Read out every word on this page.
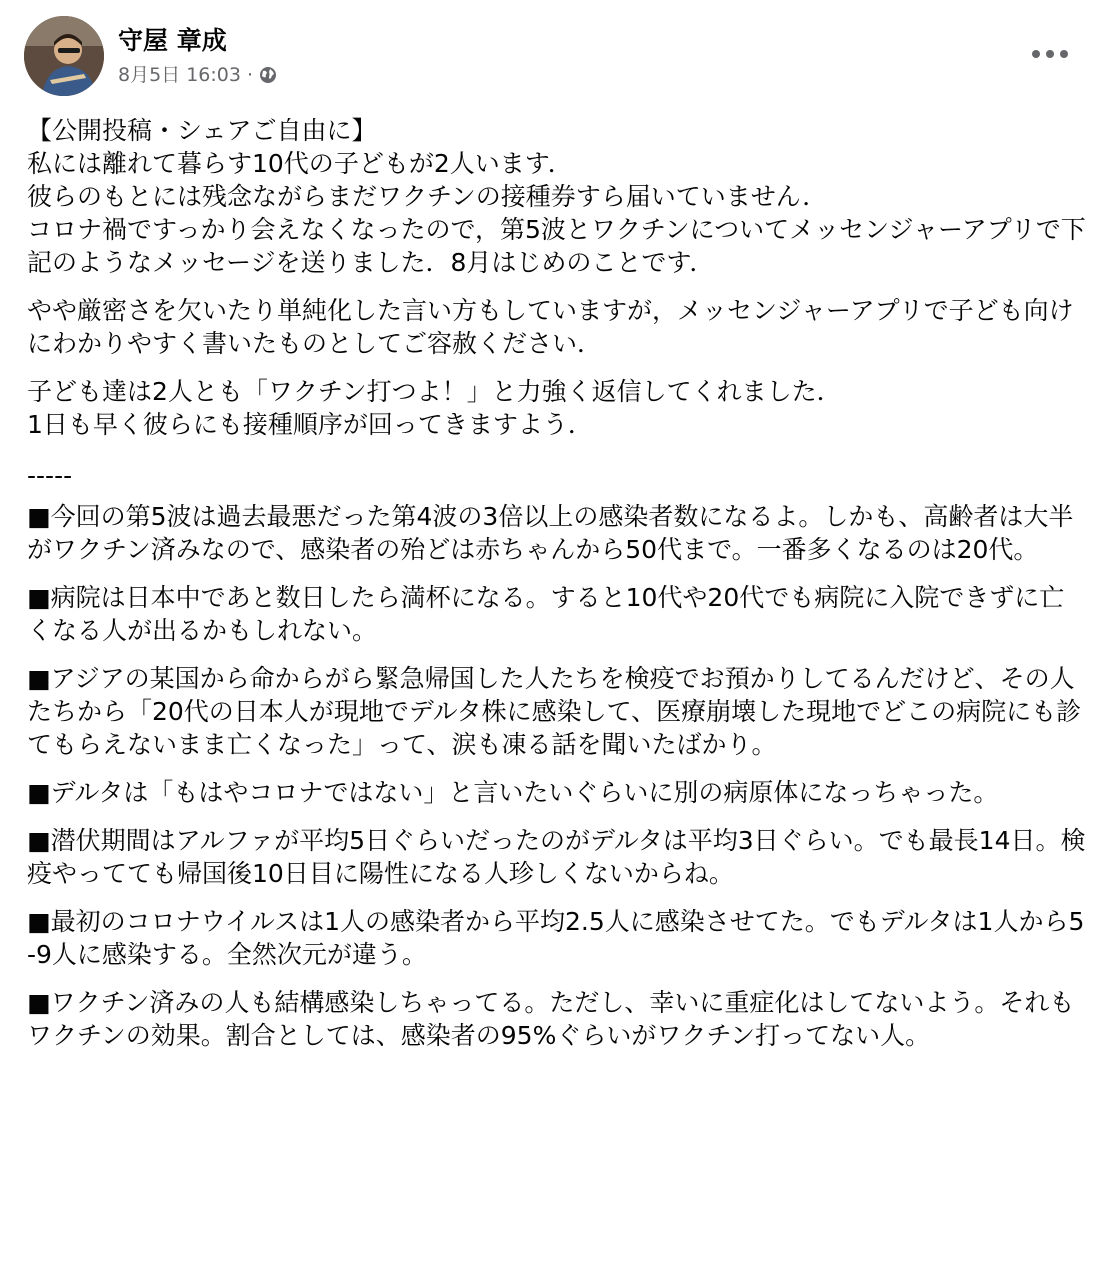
守屋 章成
8月5日 16:03 ·
【公開投稿・シェアご自由に】
私には離れて暮らす10代の子どもが2人います．
彼らのもとには残念ながらまだワクチンの接種券すら届いていません．
コロナ禍ですっかり会えなくなったので，第5波とワクチンについてメッセンジャーアプリで下記のようなメッセージを送りました．8月はじめのことです．
やや厳密さを欠いたり単純化した言い方もしていますが，メッセンジャーアプリで子ども向けにわかりやすく書いたものとしてご容赦ください．
子ども達は2人とも「ワクチン打つよ！」と力強く返信してくれました．
1日も早く彼らにも接種順序が回ってきますよう．
-----
■今回の第5波は過去最悪だった第4波の3倍以上の感染者数になるよ。しかも、高齢者は大半がワクチン済みなので、感染者の殆どは赤ちゃんから50代まで。一番多くなるのは20代。
■病院は日本中であと数日したら満杯になる。すると10代や20代でも病院に入院できずに亡くなる人が出るかもしれない。
■アジアの某国から命からがら緊急帰国した人たちを検疫でお預かりしてるんだけど、その人たちから「20代の日本人が現地でデルタ株に感染して、医療崩壊した現地でどこの病院にも診てもらえないまま亡くなった」って、涙も凍る話を聞いたばかり。
■デルタは「もはやコロナではない」と言いたいぐらいに別の病原体になっちゃった。
■潜伏期間はアルファが平均5日ぐらいだったのがデルタは平均3日ぐらい。でも最長14日。検疫やってても帰国後10日目に陽性になる人珍しくないからね。
■最初のコロナウイルスは1人の感染者から平均2.5人に感染させてた。でもデルタは1人から5-9人に感染する。全然次元が違う。
■ワクチン済みの人も結構感染しちゃってる。ただし、幸いに重症化はしてないよう。それもワクチンの効果。割合としては、感染者の95%ぐらいがワクチン打ってない人。
